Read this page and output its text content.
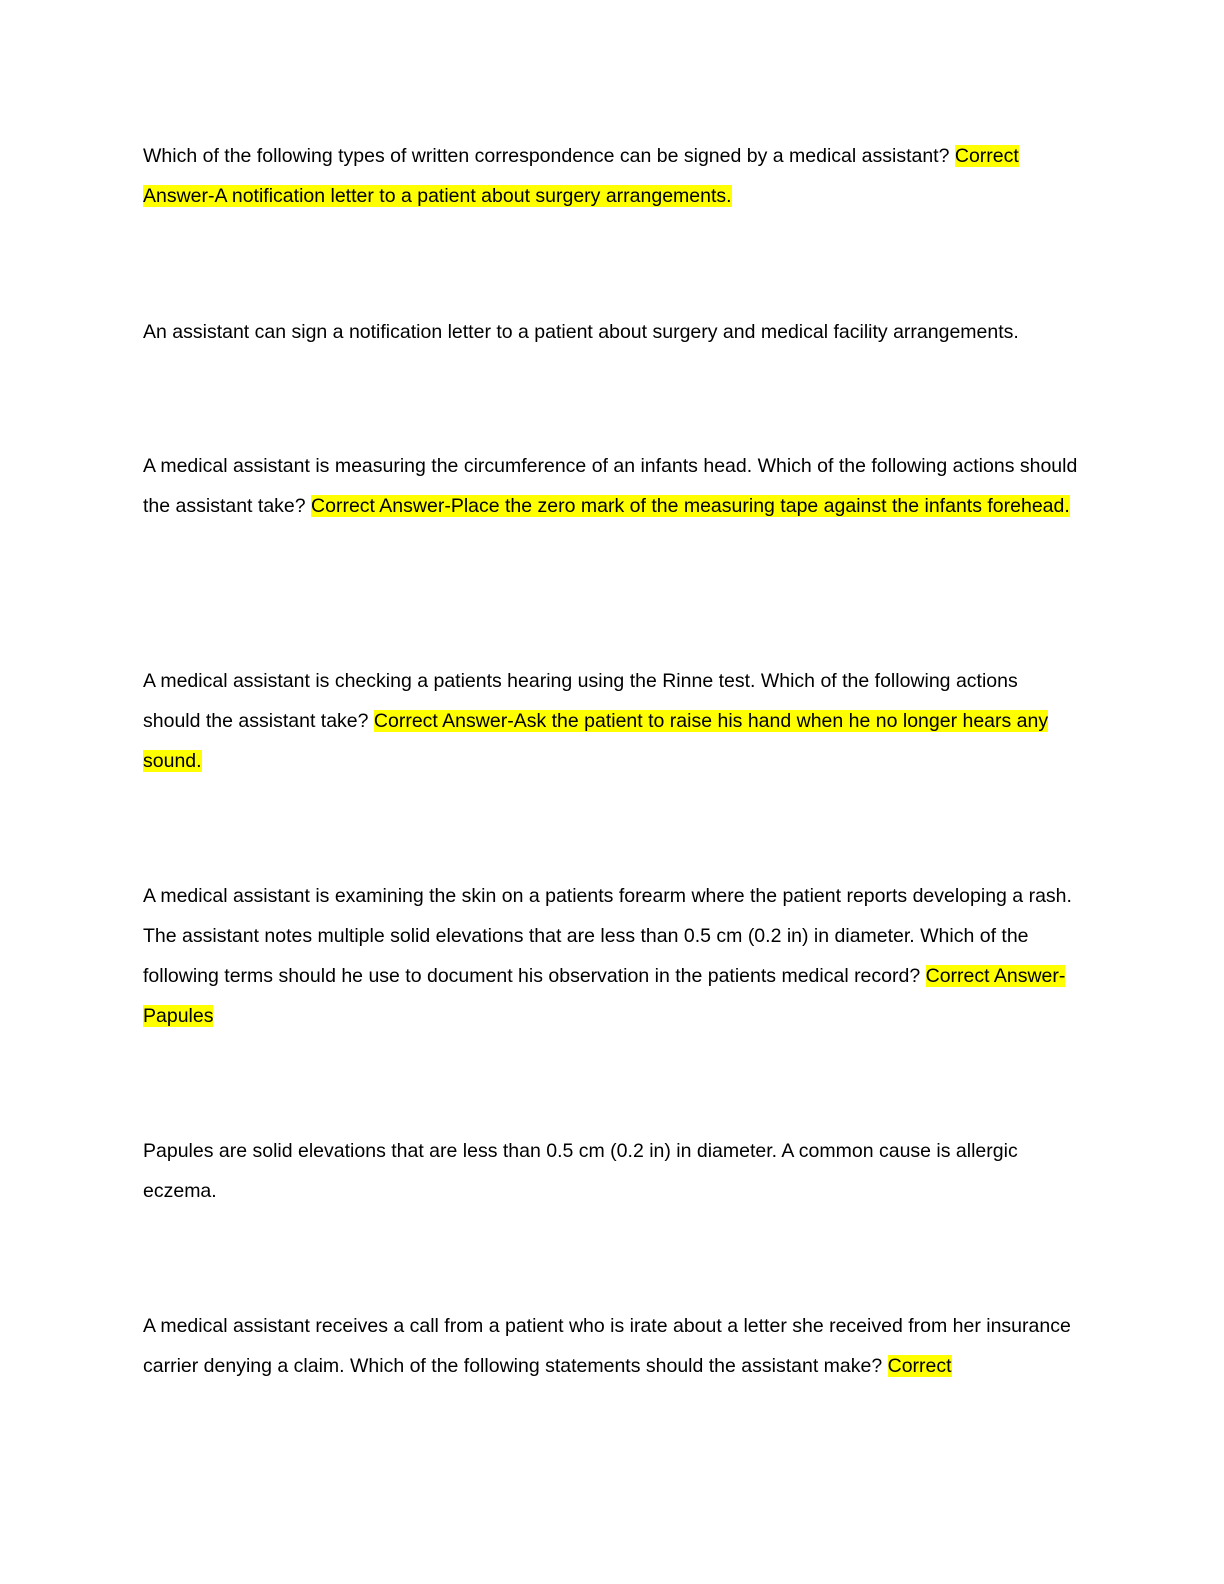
Which of the following types of written correspondence can be signed by a medical assistant? Correct Answer-A notification letter to a patient about surgery arrangements.

An assistant can sign a notification letter to a patient about surgery and medical facility arrangements.

A medical assistant is measuring the circumference of an infants head. Which of the following actions should the assistant take? Correct Answer-Place the zero mark of the measuring tape against the infants forehead.

A medical assistant is checking a patients hearing using the Rinne test. Which of the following actions should the assistant take? Correct Answer-Ask the patient to raise his hand when he no longer hears any sound.

A medical assistant is examining the skin on a patients forearm where the patient reports developing a rash. The assistant notes multiple solid elevations that are less than 0.5 cm (0.2 in) in diameter. Which of the following terms should he use to document his observation in the patients medical record? Correct Answer-Papules

Papules are solid elevations that are less than 0.5 cm (0.2 in) in diameter. A common cause is allergic eczema.

A medical assistant receives a call from a patient who is irate about a letter she received from her insurance carrier denying a claim. Which of the following statements should the assistant make? Correct
